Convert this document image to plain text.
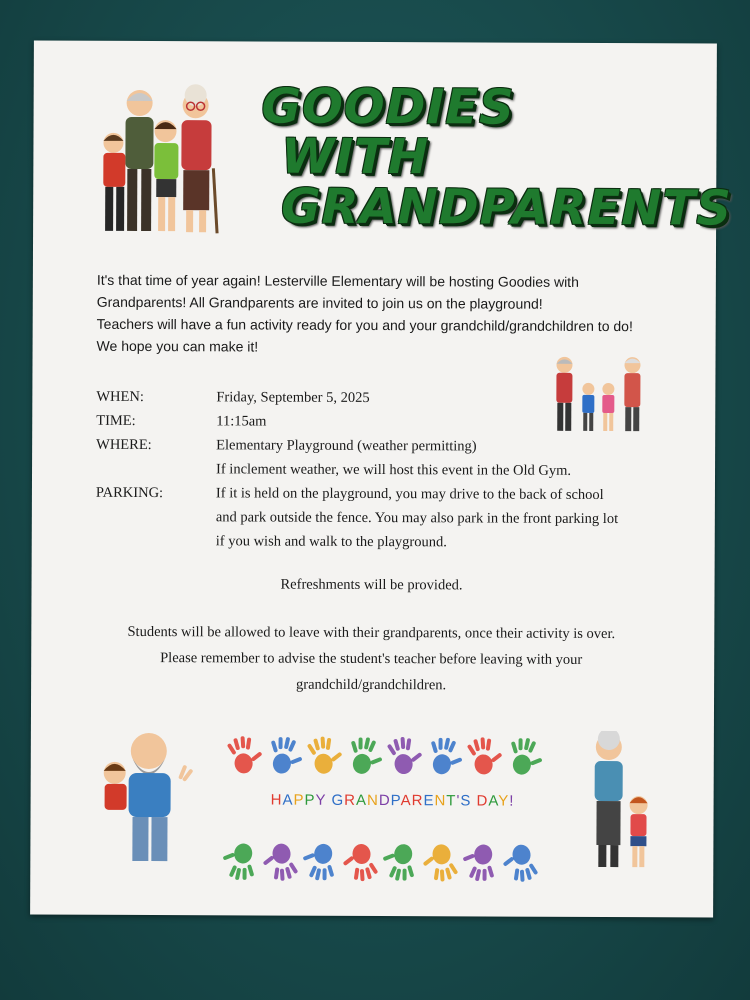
GOODIES
WITH
GRANDPARENTS

It's that time of year again! Lesterville Elementary will be hosting Goodies with

Grandparents! All Grandparents are invited to join us on the playground!

Teachers will have a fun activity ready for you and your grandchild/grandchildren to do!

We hope you can make it!

WHEN:	Friday, September 5, 2025
TIME:	11:15am
WHERE:	Elementary Playground (weather permitting)
If inclement weather, we will host this event in the Old Gym.
PARKING:	If it is held on the playground, you may drive to the back of school
and park outside the fence. You may also park in the front parking lot
if you wish and walk to the playground.
Refreshments will be provided.
Students will be allowed to leave with their grandparents, once their activity is over.
Please remember to advise the student's teacher before leaving with your
grandchild/grandchildren.
HAPPY GRANDPARENT'S DAY!
